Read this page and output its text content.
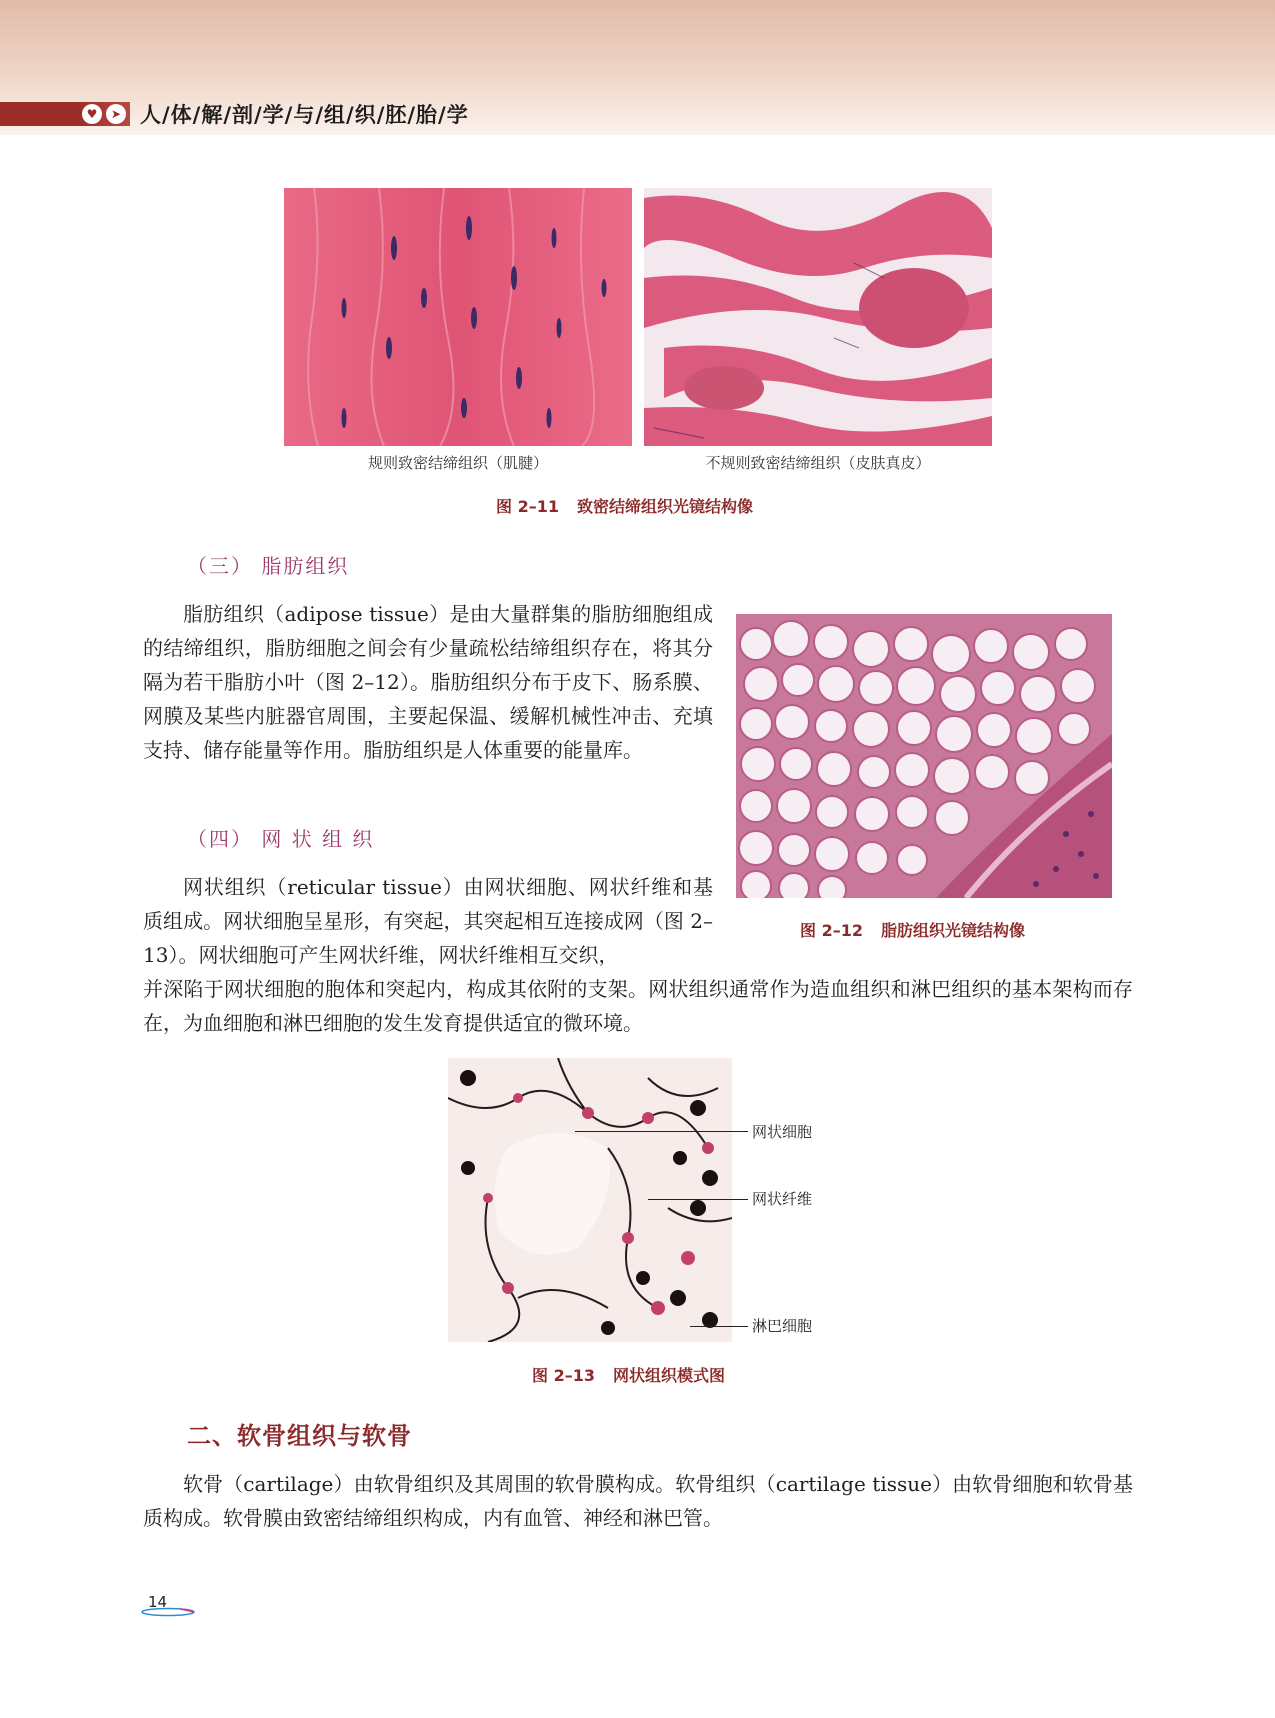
♥	➤ 人/体/解/剖/学/与/组/织/胚/胎/学
规则致密结缔组织（肌腱）	不规则致密结缔组织（皮肤真皮）
图 2–11 致密结缔组织光镜结构像
（三） 脂肪组织

脂肪组织（adipose tissue）是由大量群集的脂肪细胞组成的结缔组织，脂肪细胞之间会有少量疏松结缔组织存在，将其分隔为若干脂肪小叶（图 2–12）。脂肪组织分布于皮下、肠系膜、网膜及某些内脏器官周围，主要起保温、缓解机械性冲击、充填支持、储存能量等作用。脂肪组织是人体重要的能量库。

图 2–12 脂肪组织光镜结构像
（四） 网 状 组 织

网状组织（reticular tissue）由网状细胞、网状纤维和基质组成。网状细胞呈星形，有突起，其突起相互连接成网（图 2–13）。网状细胞可产生网状纤维，网状纤维相互交织，

并深陷于网状细胞的胞体和突起内，构成其依附的支架。网状组织通常作为造血组织和淋巴组织的基本架构而存在，为血细胞和淋巴细胞的发生发育提供适宜的微环境。

网状细胞
网状纤维
淋巴细胞
图 2–13 网状组织模式图
二、软骨组织与软骨

软骨（cartilage）由软骨组织及其周围的软骨膜构成。软骨组织（cartilage tissue）由软骨细胞和软骨基质构成。软骨膜由致密结缔组织构成，内有血管、神经和淋巴管。

14
